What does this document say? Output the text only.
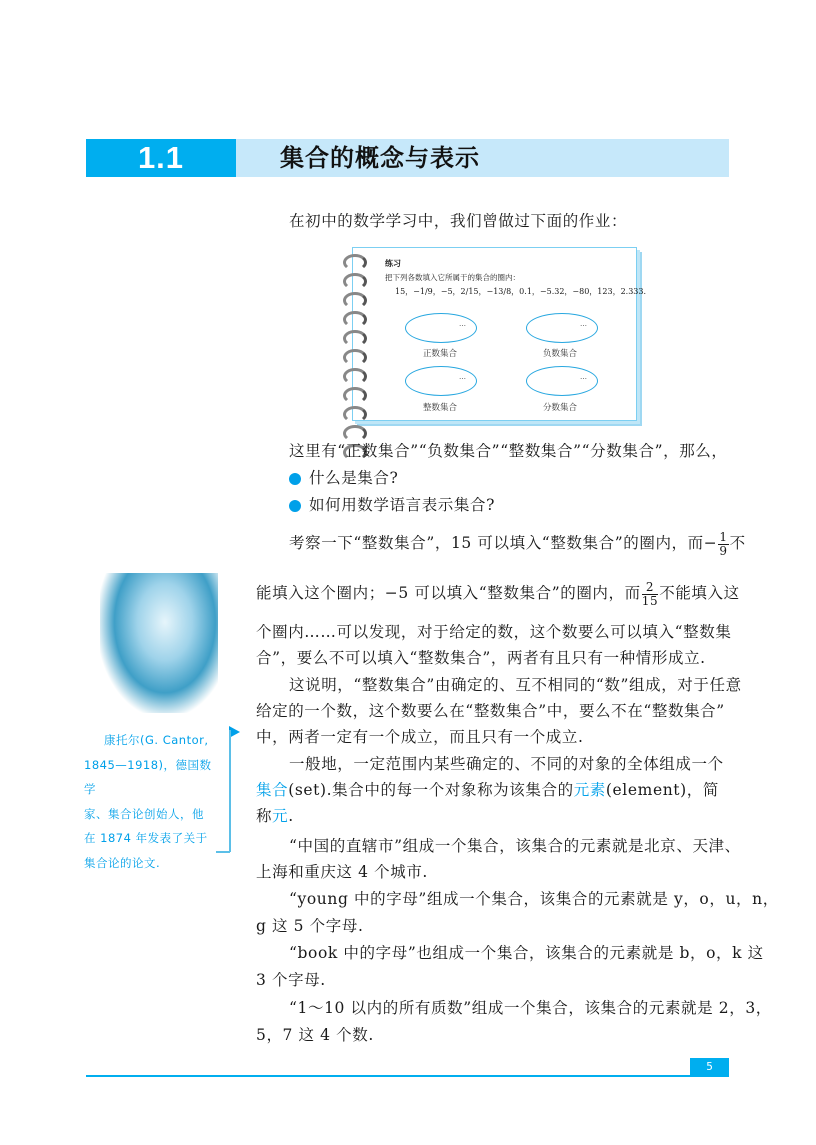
1.1	集合的概念与表示
在初中的数学学习中，我们曾做过下面的作业：
练习
把下列各数填入它所属于的集合的圈内：
15，−1/9，−5，2/15，−13/8，0.1，−5.32，−80，123，2.333.
…
正数集合
…
负数集合
…
整数集合
…
分数集合
这里有“正数集合”“负数集合”“整数集合”“分数集合”，那么，
什么是集合?
如何用数学语言表示集合?
考察一下“整数集合”，15 可以填入“整数集合”的圈内，而− $\frac{1}{9}$ 不
能填入这个圈内；−5 可以填入“整数集合”的圈内，而 $\frac{2}{15}$ 不能填入这
个圈内……可以发现，对于给定的数，这个数要么可以填入“整数集
合”，要么不可以填入“整数集合”，两者有且只有一种情形成立.
这说明，“整数集合”由确定的、互不相同的“数”组成，对于任意
给定的一个数，这个数要么在“整数集合”中，要么不在“整数集合”
中，两者一定有一个成立，而且只有一个成立.
一般地，一定范围内某些确定的、不同的对象的全体组成一个
集合(set).集合中的每一个对象称为该集合的元素(element)，简
称元.
“中国的直辖市”组成一个集合，该集合的元素就是北京、天津、
上海和重庆这 4 个城市.
“young 中的字母”组成一个集合，该集合的元素就是 y，o，u，n，
g 这 5 个字母.
“book 中的字母”也组成一个集合，该集合的元素就是 b，o，k 这
3 个字母.
“1～10 以内的所有质数”组成一个集合，该集合的元素就是 2，3，
5，7 这 4 个数.
康托尔(G. Cantor,
1845—1918)，德国数学
家、集合论创始人，他
在 1874 年发表了关于
集合论的论文.
5
